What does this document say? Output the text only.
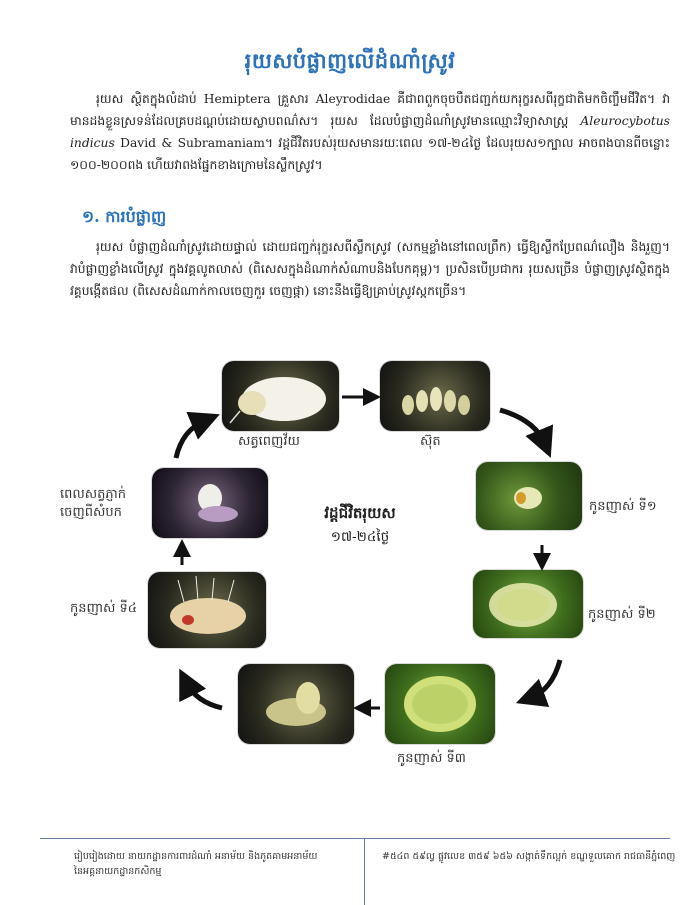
រុយសបំផ្លាញលើដំណាំស្រូវ

រុយស ស្ថិតក្នុងលំដាប់ Hemiptera គ្រួសារ Aleyrodidae គឺជាពពួកចុចបឺតជញ្ជក់យករុក្ខរសពីរុក្ខជាតិមកចិញ្ចឹមជីវិត។ វាមានដងខ្លួនស្រទន់ដែលគ្របដណ្តប់ដោយស្លាបពណ៌ស។ រុយស ដែលបំផ្លាញដំណាំស្រូវមានឈ្មោះវិទ្យាសាស្រ្ត Aleurocybotus indicus David & Subramaniam។ វដ្តជីវិតរបស់រុយសមានរយៈពេល ១៧-២៤ថ្ងៃ ដែលរុយស១ក្បាល អាចពងបានពីចន្លោះ ១០០-២០០ពង ហើយវាពងផ្នែកខាងក្រោមនៃស្លឹកស្រូវ។

១. ការបំផ្លាញ

រុយស បំផ្លាញដំណាំស្រូវដោយផ្ទាល់ ដោយជញ្ជក់រុក្ខរសពីស្លឹកស្រូវ (សកម្មខ្លាំងនៅពេលព្រឹក) ធ្វើឱ្យស្លឹកប្រែពណ៌លឿង និងរួញ។ វាបំផ្លាញខ្លាំងលើស្រូវ ក្នុងវគ្គលូតលាស់ (ពិសេសក្នុងដំណាក់សំណាបនិងបែកគុម្ព)។ ប្រសិនបើប្រជាករ រុយសច្រើន បំផ្លាញស្រូវស្ថិតក្នុងវគ្គបង្កើតផល (ពិសេសដំណាក់កាលចេញកួរ ចេញផ្កា) នោះនឹងធ្វើឱ្យគ្រាប់ស្រូវស្កកច្រើន។

សត្វពេញវ័យ	ស៊ុត
កូនញាស់ ទី១
កូនញាស់ ទី២
កូនញាស់ ទី៣
កូនញាស់ ទី៤
ពេលសត្វភ្ញាក់
ចេញពីសំបក	វដ្តជីវិតរុយស
១៧-២៤ថ្ងៃ
រៀបរៀងដោយ នាយកដ្ឋានការពារដំណាំ អនាម័យ និងភូតគាមអនាម័យ
នៃអគ្គនាយកដ្ឋានកសិកម្ម
#៥៤ព ៥៩ល្វ ផ្លូវលេខ ៣៥៩ ៦៥៦ សង្កាត់ទឹកល្អក់ ខណ្ឌទួលគោក រាជធានីភ្នំពេញ
